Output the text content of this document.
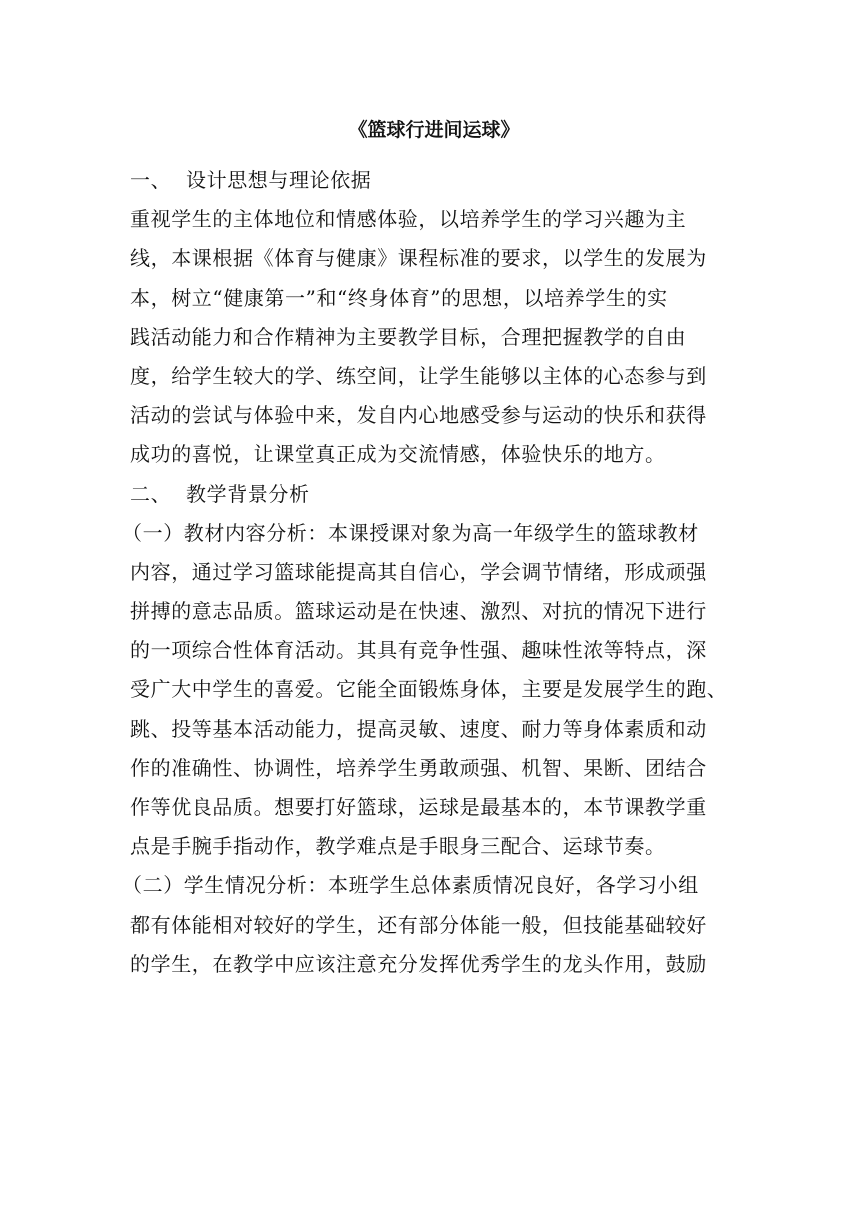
《篮球行进间运球》
一、 设计思想与理论依据
重视学生的主体地位和情感体验，以培养学生的学习兴趣为主
线，本课根据《体育与健康》课程标准的要求，以学生的发展为
本，树立“健康第一”和“终身体育”的思想，以培养学生的实
践活动能力和合作精神为主要教学目标，合理把握教学的自由
度，给学生较大的学、练空间，让学生能够以主体的心态参与到
活动的尝试与体验中来，发自内心地感受参与运动的快乐和获得
成功的喜悦，让课堂真正成为交流情感，体验快乐的地方。
二、 教学背景分析
（一）教材内容分析：本课授课对象为高一年级学生的篮球教材
内容，通过学习篮球能提高其自信心，学会调节情绪，形成顽强
拼搏的意志品质。篮球运动是在快速、激烈、对抗的情况下进行
的一项综合性体育活动。其具有竞争性强、趣味性浓等特点，深
受广大中学生的喜爱。它能全面锻炼身体，主要是发展学生的跑、
跳、投等基本活动能力，提高灵敏、速度、耐力等身体素质和动
作的准确性、协调性，培养学生勇敢顽强、机智、果断、团结合
作等优良品质。想要打好篮球，运球是最基本的，本节课教学重
点是手腕手指动作，教学难点是手眼身三配合、运球节奏。
（二）学生情况分析：本班学生总体素质情况良好，各学习小组
都有体能相对较好的学生，还有部分体能一般，但技能基础较好
的学生，在教学中应该注意充分发挥优秀学生的龙头作用，鼓励
